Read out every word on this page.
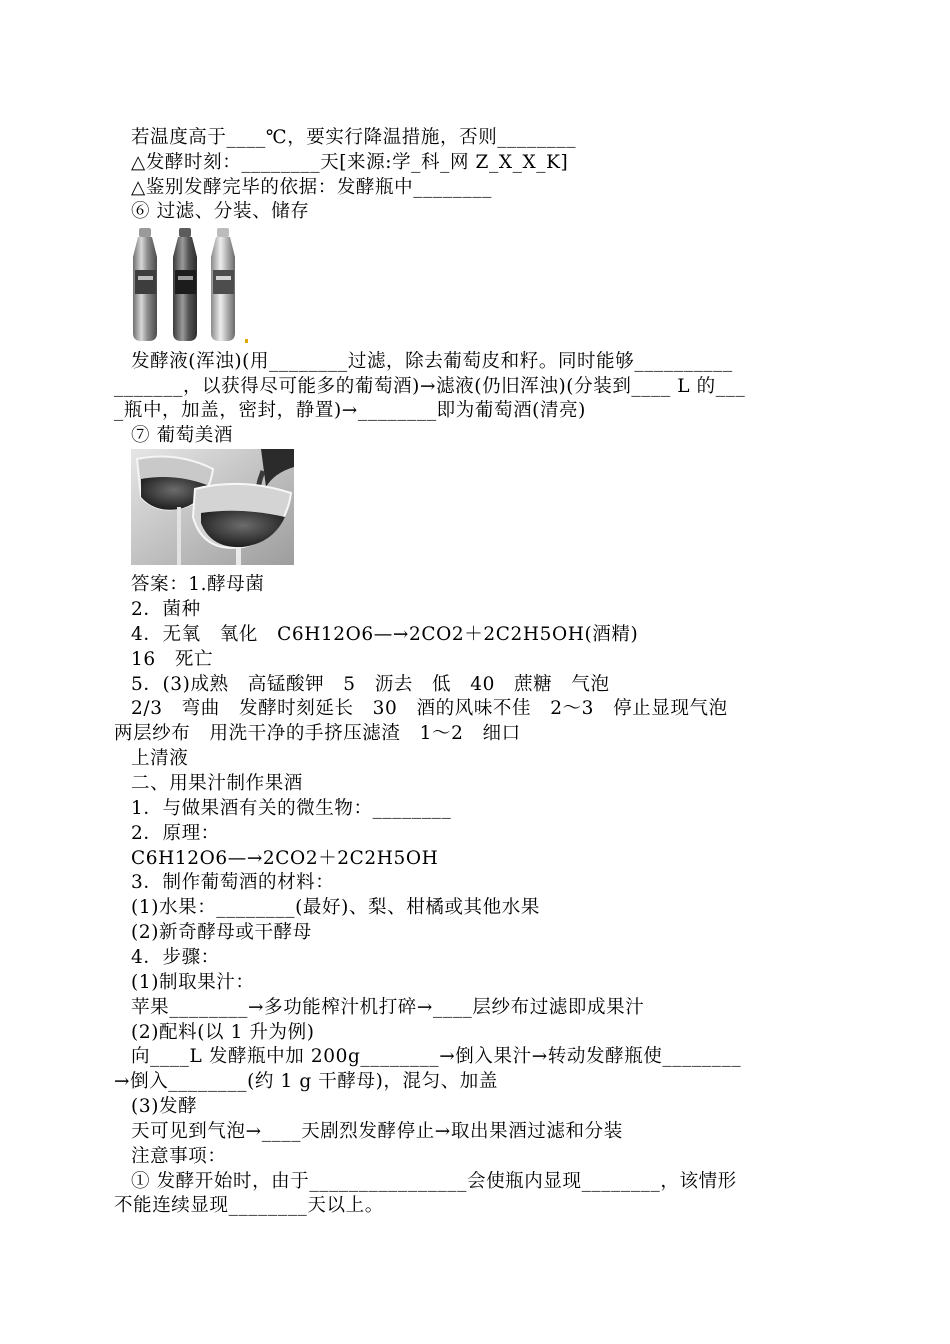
若温度高于____℃，要实行降温措施，否则________
△发酵时刻：________天[来源:学_科_网 Z_X_X_K]
△鉴别发酵完毕的依据：发酵瓶中________
⑥ 过滤、分装、储存
发酵液(浑浊)(用________过滤，除去葡萄皮和籽。同时能够__________
_______，以获得尽可能多的葡萄酒)→滤液(仍旧浑浊)(分装到____ L 的___
_瓶中，加盖，密封，静置)→________即为葡萄酒(清亮)
⑦ 葡萄美酒
答案：1.酵母菌
2．菌种
4．无氧　氧化　C6H12O6—→2CO2＋2C2H5OH(酒精)
16　死亡
5．(3)成熟　高锰酸钾　5　沥去　低　40　蔗糖　气泡
2/3　弯曲　发酵时刻延长　30　酒的风味不佳　2～3　停止显现气泡
两层纱布　用洗干净的手挤压滤渣　1～2　细口
上清液
二、用果汁制作果酒
1．与做果酒有关的微生物：________
2．原理：
C6H12O6—→2CO2＋2C2H5OH
3．制作葡萄酒的材料：
(1)水果：________(最好)、梨、柑橘或其他水果
(2)新奇酵母或干酵母
4．步骤：
(1)制取果汁：
苹果________→多功能榨汁机打碎→____层纱布过滤即成果汁
(2)配料(以 1 升为例)
向____L 发酵瓶中加 200g________→倒入果汁→转动发酵瓶使________
→倒入________(约 1 g 干酵母)，混匀、加盖
(3)发酵
天可见到气泡→____天剧烈发酵停止→取出果酒过滤和分装
注意事项：
① 发酵开始时，由于________________会使瓶内显现________，该情形
不能连续显现________天以上。
